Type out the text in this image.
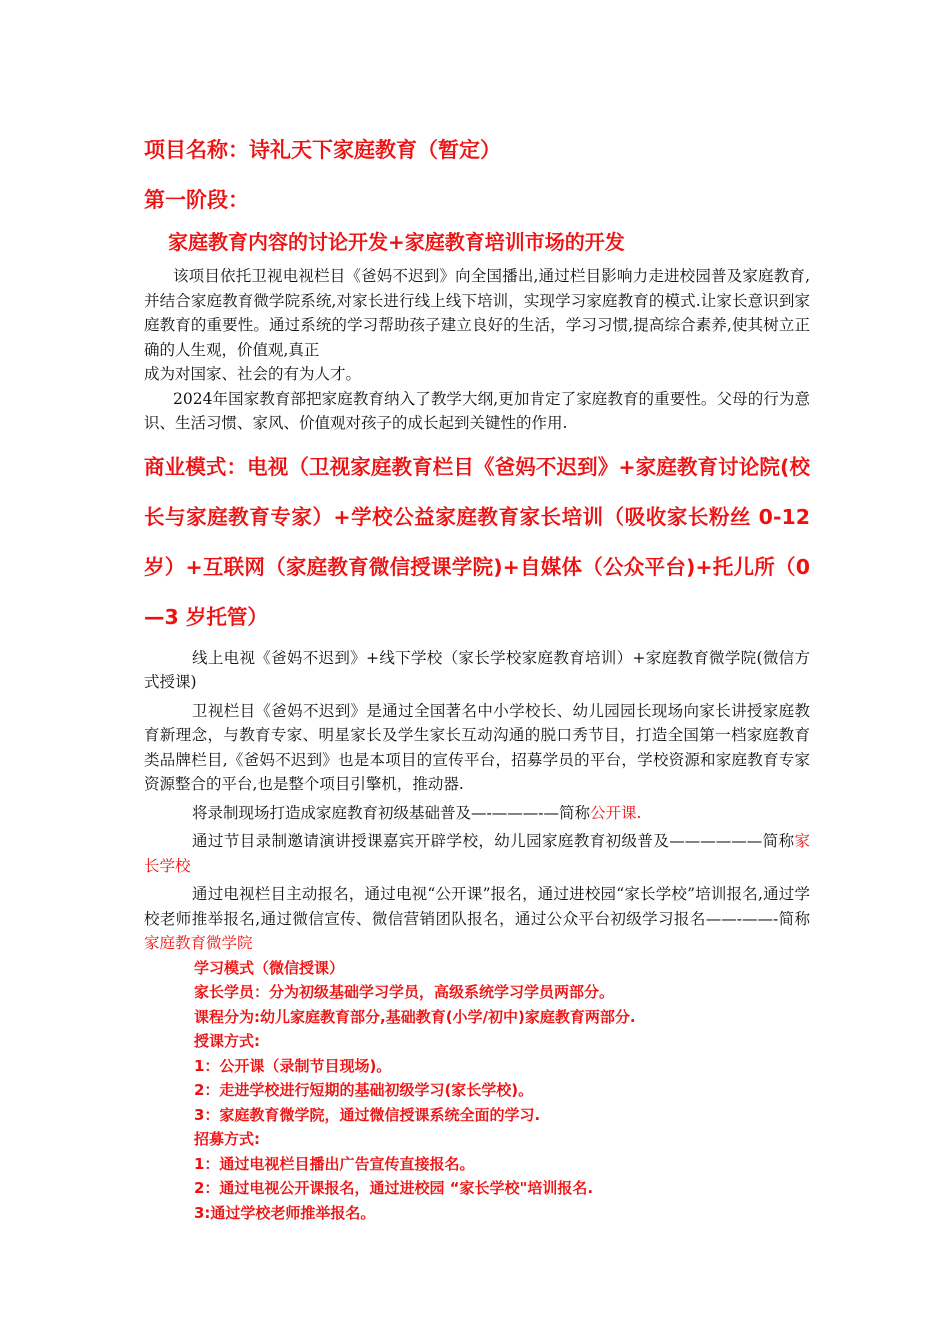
项目名称：诗礼天下家庭教育（暂定）
第一阶段：
家庭教育内容的讨论开发+家庭教育培训市场的开发

该项目依托卫视电视栏目《爸妈不迟到》向全国播出,通过栏目影响力走进校园普及家庭教育,并结合家庭教育微学院系统,对家长进行线上线下培训，实现学习家庭教育的模式.让家长意识到家庭教育的重要性。通过系统的学习帮助孩子建立良好的生活，学习习惯,提高综合素养,使其树立正确的人生观，价值观,真正

成为对国家、社会的有为人才。

2024年国家教育部把家庭教育纳入了教学大纲,更加肯定了家庭教育的重要性。父母的行为意识、生活习惯、家风、价值观对孩子的成长起到关键性的作用.

商业模式：电视（卫视家庭教育栏目《爸妈不迟到》+家庭教育讨论院(校长与家庭教育专家）+学校公益家庭教育家长培训（吸收家长粉丝 0-12 岁）+互联网（家庭教育微信授课学院)+自媒体（公众平台)+托儿所（0—3 岁托管）

线上电视《爸妈不迟到》+线下学校（家长学校家庭教育培训）+家庭教育微学院(微信方式授课)

卫视栏目《爸妈不迟到》是通过全国著名中小学校长、幼儿园园长现场向家长讲授家庭教育新理念，与教育专家、明星家长及学生家长互动沟通的脱口秀节目，打造全国第一档家庭教育类品牌栏目,《爸妈不迟到》也是本项目的宣传平台，招募学员的平台，学校资源和家庭教育专家资源整合的平台,也是整个项目引擎机，推动器.

将录制现场打造成家庭教育初级基础普及—-———-—简称公开课.

通过节目录制邀请演讲授课嘉宾开辟学校，幼儿园家庭教育初级普及——————简称家长学校

通过电视栏目主动报名，通过电视“公开课”报名，通过进校园“家长学校”培训报名,通过学校老师推举报名,通过微信宣传、微信营销团队报名，通过公众平台初级学习报名——-——-简称家庭教育微学院

学习模式（微信授课）
家长学员：分为初级基础学习学员，高级系统学习学员两部分。
课程分为:幼儿家庭教育部分,基础教育(小学/初中)家庭教育两部分.
授课方式:
1：公开课（录制节目现场)。
2：走进学校进行短期的基础初级学习(家长学校)。
3：家庭教育微学院，通过微信授课系统全面的学习.
招募方式:
1：通过电视栏目播出广告宣传直接报名。
2：通过电视公开课报名，通过进校园 “家长学校"培训报名.
3:通过学校老师推举报名。
